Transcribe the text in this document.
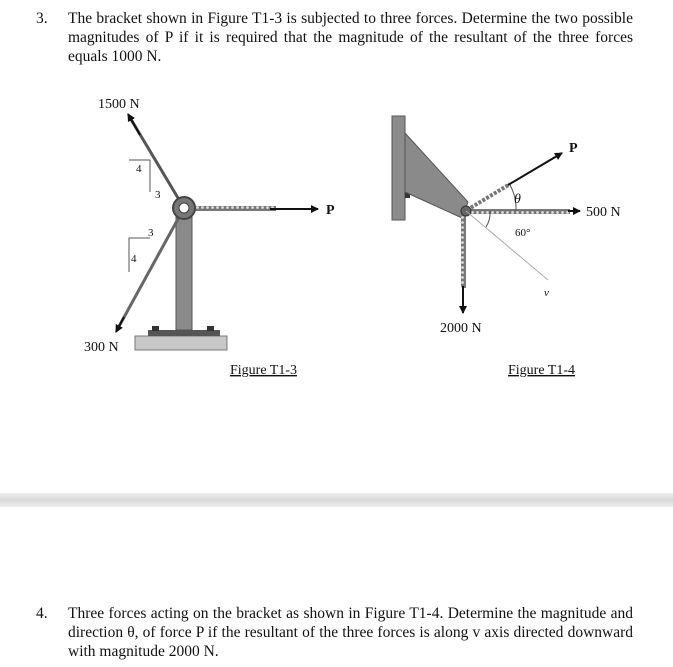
3. The bracket shown in Figure T1-3 is subjected to three forces. Determine the two possible magnitudes of P if it is required that the magnitude of the resultant of the three forces equals 1000 N.
1500 N
300 N
P
4
3
3
4
Figure T1-3
P
500 N
2000 N
θ
60°
v
Figure T1-4
4. Three forces acting on the bracket as shown in Figure T1-4. Determine the magnitude and direction θ, of force P if the resultant of the three forces is along v axis directed downward with magnitude 2000 N.
